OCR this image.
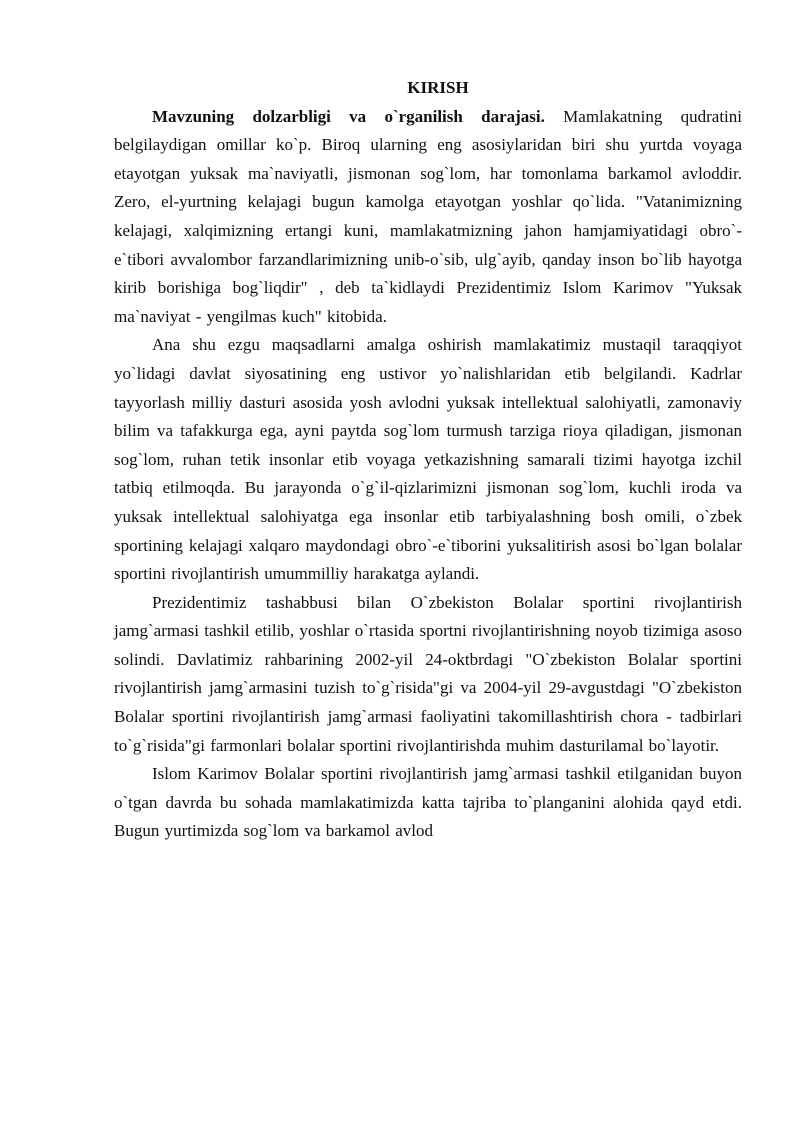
KIRISH

Mavzuning dolzarbligi va o`rganilish darajasi. Mamlakatning qudratini belgilaydigan omillar ko`p. Biroq ularning eng asosiylaridan biri shu yurtda voyaga etayotgan yuksak ma`naviyatli, jismonan sog`lom, har tomonlama barkamol avloddir. Zero, el-yurtning kelajagi bugun kamolga etayotgan yoshlar qo`lida. "Vatanimizning kelajagi, xalqimizning ertangi kuni, mamlakatmizning jahon hamjamiyatidagi obro`-e`tibori avvalombor farzandlarimizning unib-o`sib, ulg`ayib, qanday inson bo`lib hayotga kirib borishiga bog`liqdir" , deb ta`kidlaydi Prezidentimiz Islom Karimov "Yuksak ma`naviyat - yengilmas kuch" kitobida.

Ana shu ezgu maqsadlarni amalga oshirish mamlakatimiz mustaqil taraqqiyot yo`lidagi davlat siyosatining eng ustivor yo`nalishlaridan etib belgilandi. Kadrlar tayyorlash milliy dasturi asosida yosh avlodni yuksak intellektual salohiyatli, zamonaviy bilim va tafakkurga ega, ayni paytda sog`lom turmush tarziga rioya qiladigan, jismonan sog`lom, ruhan tetik insonlar etib voyaga yetkazishning samarali tizimi hayotga izchil tatbiq etilmoqda. Bu jarayonda o`g`il-qizlarimizni jismonan sog`lom, kuchli iroda va yuksak intellektual salohiyatga ega insonlar etib tarbiyalashning bosh omili, o`zbek sportining kelajagi xalqaro maydondagi obro`-e`tiborini yuksalitirish asosi bo`lgan bolalar sportini rivojlantirish umummilliy harakatga aylandi.

Prezidentimiz tashabbusi bilan O`zbekiston Bolalar sportini rivojlantirish jamg`armasi tashkil etilib, yoshlar o`rtasida sportni rivojlantirishning noyob tizimiga asoso solindi. Davlatimiz rahbarining 2002-yil 24-oktbrdagi "O`zbekiston Bolalar sportini rivojlantirish jamg`armasini tuzish to`g`risida"gi va 2004-yil 29-avgustdagi "O`zbekiston Bolalar sportini rivojlantirish jamg`armasi faoliyatini takomillashtirish chora - tadbirlari to`g`risida"gi farmonlari bolalar sportini rivojlantirishda muhim dasturilamal bo`layotir.

Islom Karimov Bolalar sportini rivojlantirish jamg`armasi tashkil etilganidan buyon o`tgan davrda bu sohada mamlakatimizda katta tajriba to`planganini alohida qayd etdi. Bugun yurtimizda sog`lom va barkamol avlod
